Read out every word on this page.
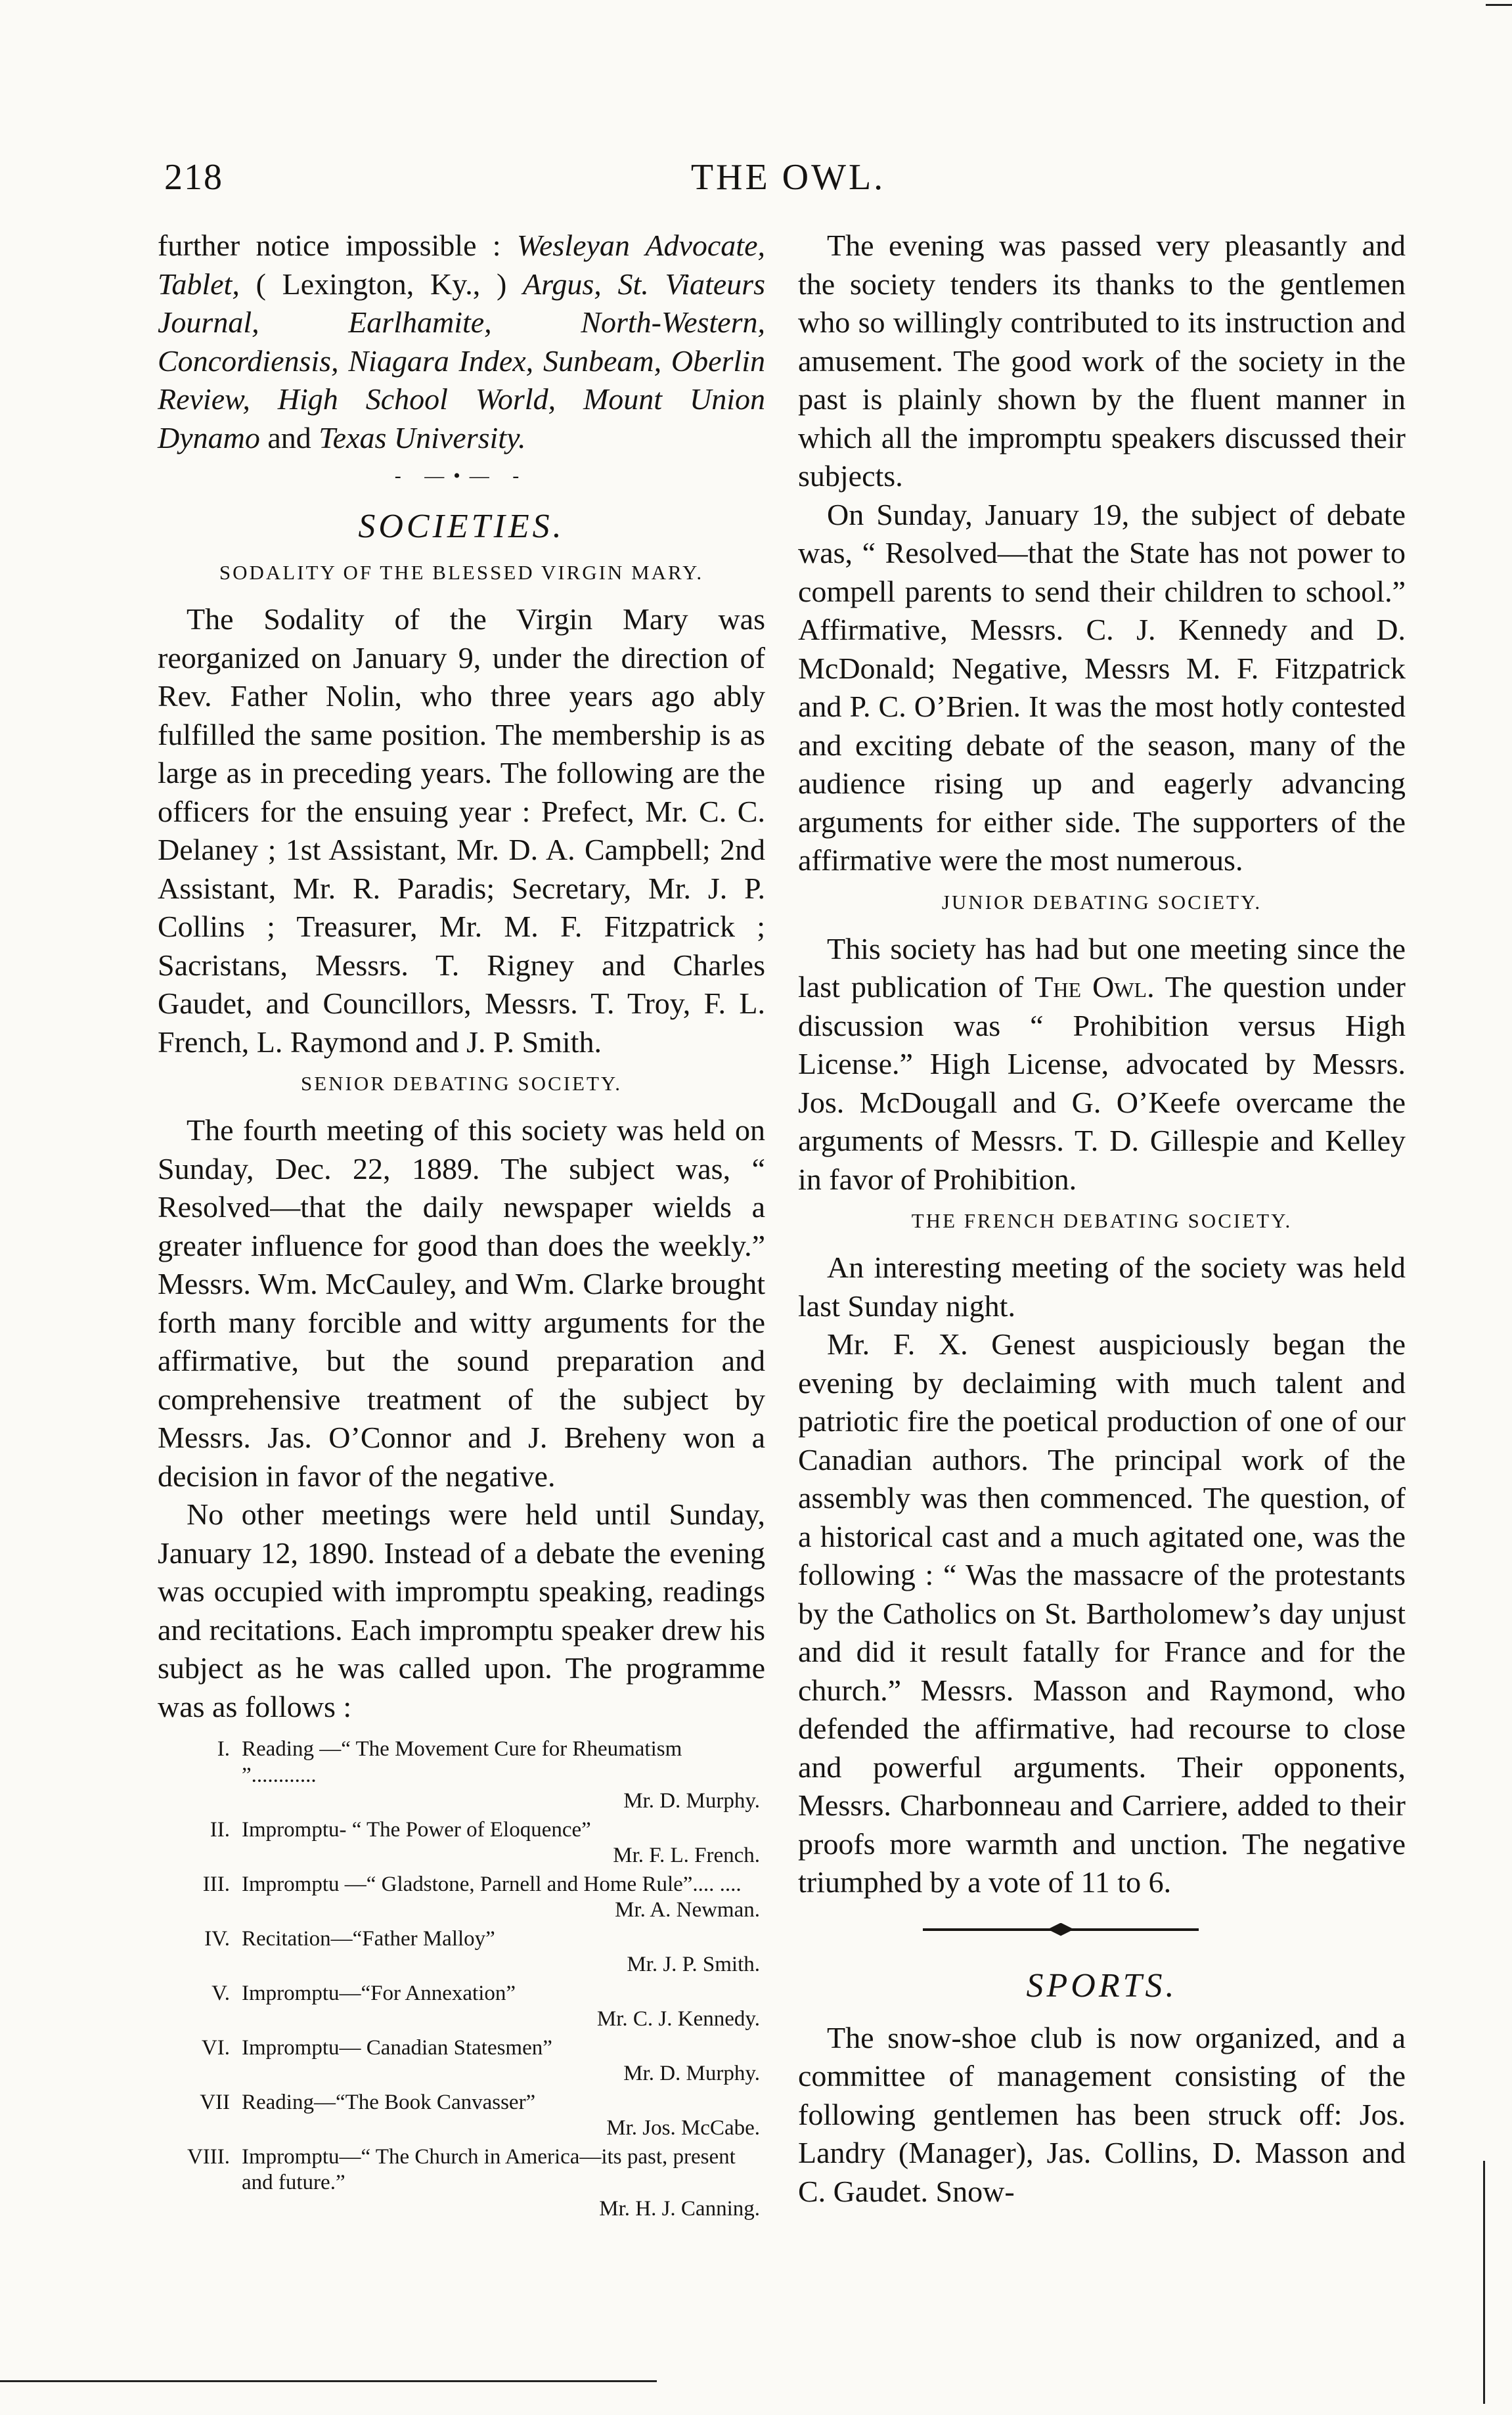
218	THE OWL.

further notice impossible : Wesleyan Advocate, Tablet, ( Lexington, Ky., ) Argus, St. Viateurs Journal, Earlhamite, North-Western, Concordiensis, Niagara Index, Sunbeam, Oberlin Review, High School World, Mount Union Dynamo and Texas University.

- —•— -
SOCIETIES.
SODALITY OF THE BLESSED VIRGIN MARY.

The Sodality of the Virgin Mary was reorganized on January 9, under the direction of Rev. Father Nolin, who three years ago ably fulfilled the same position. The membership is as large as in preceding years. The following are the officers for the ensuing year : Prefect, Mr. C. C. Delaney ; 1st Assistant, Mr. D. A. Campbell; 2nd Assistant, Mr. R. Paradis; Secretary, Mr. J. P. Collins ; Treasurer, Mr. M. F. Fitzpatrick ; Sacristans, Messrs. T. Rigney and Charles Gaudet, and Councillors, Messrs. T. Troy, F. L. French, L. Raymond and J. P. Smith.

SENIOR DEBATING SOCIETY.

The fourth meeting of this society was held on Sunday, Dec. 22, 1889. The subject was, “ Resolved—that the daily newspaper wields a greater influence for good than does the weekly.” Messrs. Wm. McCauley, and Wm. Clarke brought forth many forcible and witty arguments for the affirmative, but the sound preparation and comprehensive treatment of the subject by Messrs. Jas. O’Connor and J. Breheny won a decision in favor of the negative.

No other meetings were held until Sunday, January 12, 1890. Instead of a debate the evening was occupied with impromptu speaking, readings and recitations. Each impromptu speaker drew his subject as he was called upon. The programme was as follows :

I. Reading —“ The Movement Cure for Rheumatism ”............
Mr. D. Murphy.
II. Impromptu- “ The Power of Eloquence”
Mr. F. L. French.
III. Impromptu —“ Gladstone, Parnell and Home Rule”.... ....
Mr. A. Newman.
IV. Recitation—“Father Malloy”
Mr. J. P. Smith.
V. Impromptu—“For Annexation”
Mr. C. J. Kennedy.
VI. Impromptu— Canadian Statesmen”
Mr. D. Murphy.
VII Reading—“The Book Canvasser”
Mr. Jos. McCabe.
VIII. Impromptu—“ The Church in America—its past, present and future.”
Mr. H. J. Canning.

The evening was passed very pleasantly and the society tenders its thanks to the gentlemen who so willingly contributed to its instruction and amusement. The good work of the society in the past is plainly shown by the fluent manner in which all the impromptu speakers discussed their subjects.

On Sunday, January 19, the subject of debate was, “ Resolved—that the State has not power to compell parents to send their children to school.” Affirmative, Messrs. C. J. Kennedy and D. McDonald; Negative, Messrs M. F. Fitzpatrick and P. C. O’Brien. It was the most hotly contested and exciting debate of the season, many of the audience rising up and eagerly advancing arguments for either side. The supporters of the affirmative were the most numerous.

JUNIOR DEBATING SOCIETY.

This society has had but one meeting since the last publication of The Owl. The question under discussion was “ Prohibition versus High License.” High License, advocated by Messrs. Jos. McDougall and G. O’Keefe overcame the arguments of Messrs. T. D. Gillespie and Kelley in favor of Prohibition.

THE FRENCH DEBATING SOCIETY.

An interesting meeting of the society was held last Sunday night.

Mr. F. X. Genest auspiciously began the evening by declaiming with much talent and patriotic fire the poetical production of one of our Canadian authors. The principal work of the assembly was then commenced. The question, of a historical cast and a much agitated one, was the following : “ Was the massacre of the protestants by the Catholics on St. Bartholomew’s day unjust and did it result fatally for France and for the church.” Messrs. Masson and Raymond, who defended the affirmative, had recourse to close and powerful arguments. Their opponents, Messrs. Charbonneau and Carriere, added to their proofs more warmth and unction. The negative triumphed by a vote of 11 to 6.

SPORTS.

The snow-shoe club is now organized, and a committee of management consisting of the following gentlemen has been struck off: Jos. Landry (Manager), Jas. Collins, D. Masson and C. Gaudet. Snow-
